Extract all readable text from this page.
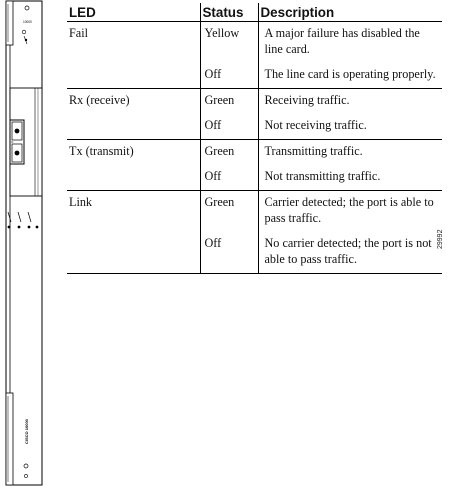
10000
O
CISCO 10000
LED	Status	Description
Fail	Yellow	A major failure has disabled the line card.
	Off	The line card is operating properly.
Rx (receive)	Green	Receiving traffic.
	Off	Not receiving traffic.
Tx (transmit)	Green	Transmitting traffic.
	Off	Not transmitting traffic.
Link	Green	Carrier detected; the port is able to pass traffic.
	Off	No carrier detected; the port is not able to pass traffic.
29992
